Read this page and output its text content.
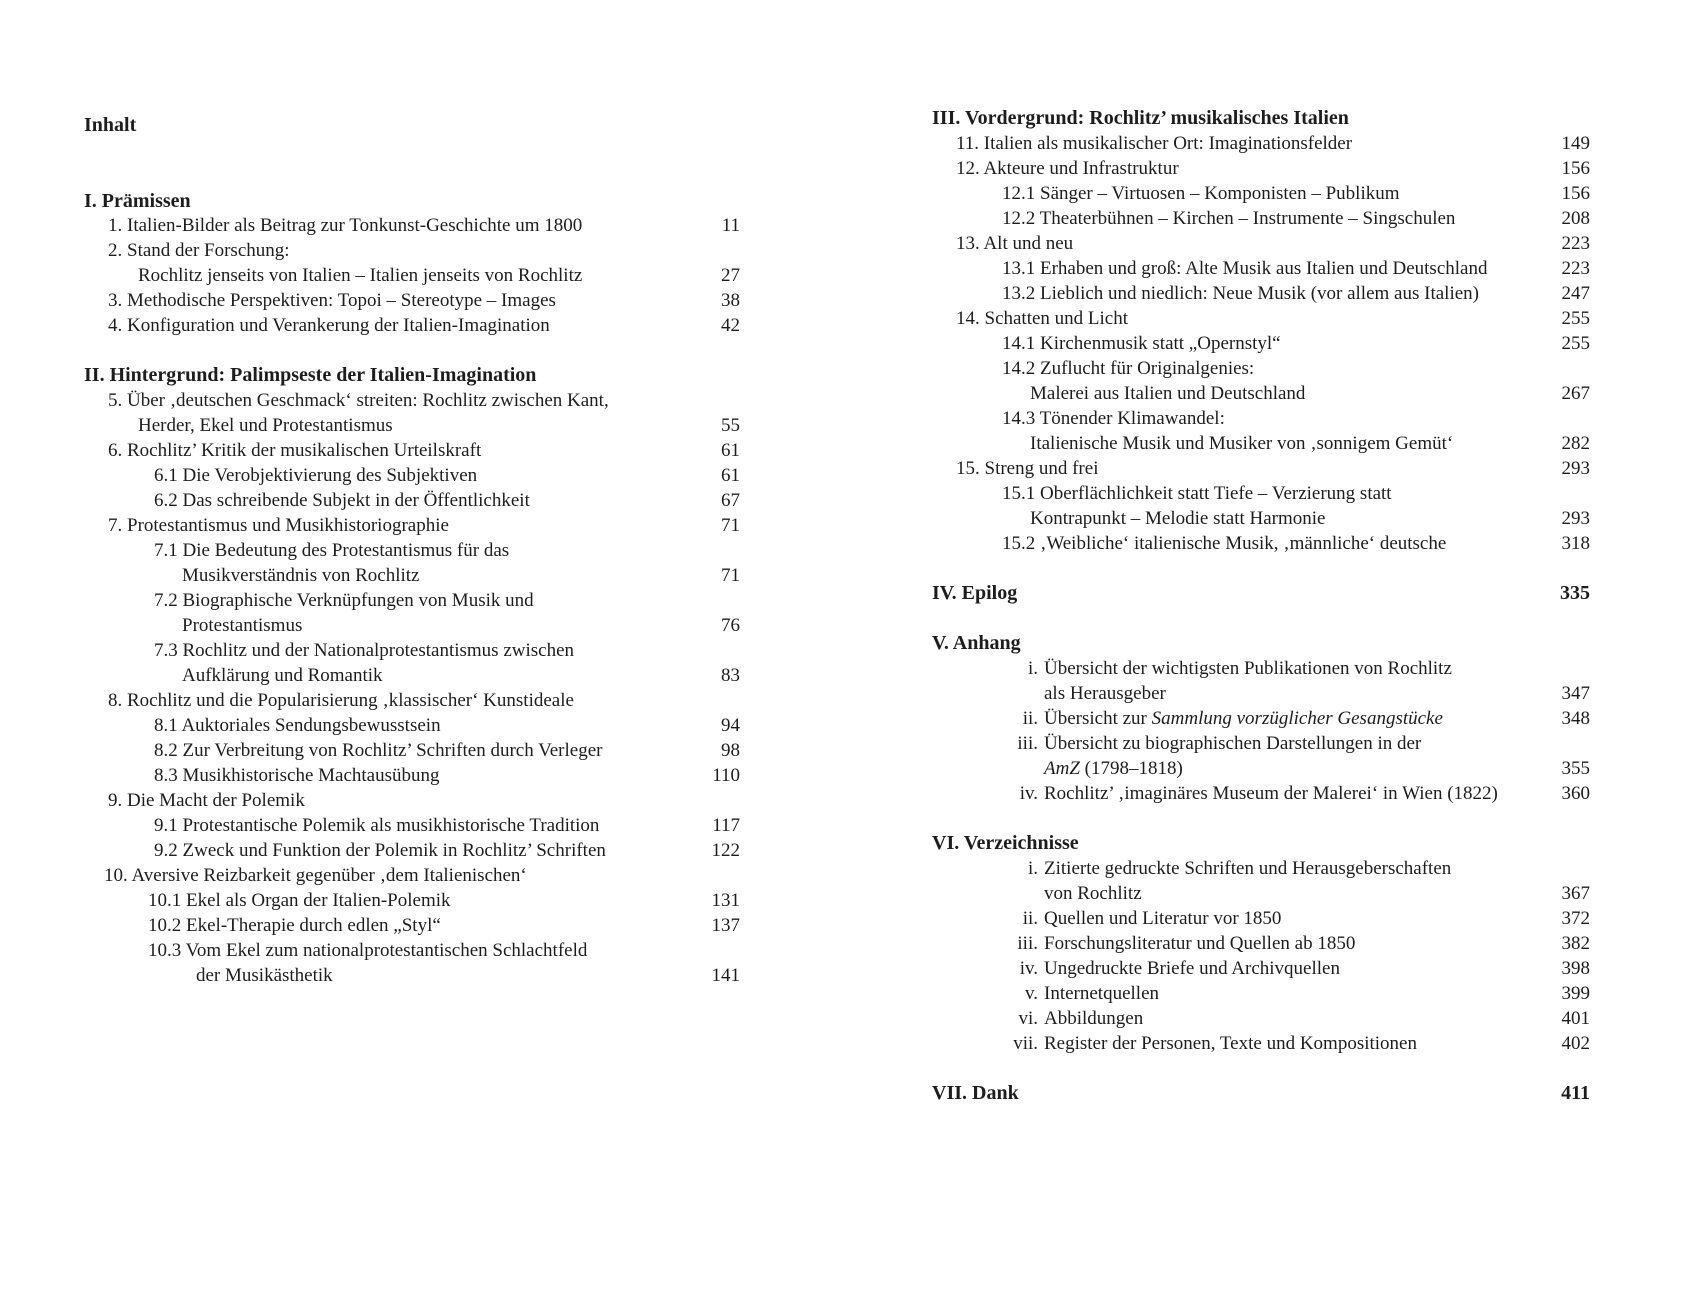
Inhalt
I. Prämissen
1. Italien-Bilder als Beitrag zur Tonkunst-Geschichte um 1800	11
2. Stand der Forschung:
Rochlitz jenseits von Italien – Italien jenseits von Rochlitz	27
3. Methodische Perspektiven: Topoi – Stereotype – Images	38
4. Konfiguration und Verankerung der Italien-Imagination	42
II. Hintergrund: Palimpseste der Italien-Imagination
5. Über ‚deutschen Geschmack‘ streiten: Rochlitz zwischen Kant,
Herder, Ekel und Protestantismus	55
6. Rochlitz’ Kritik der musikalischen Urteilskraft	61
6.1 Die Verobjektivierung des Subjektiven	61
6.2 Das schreibende Subjekt in der Öffentlichkeit	67
7. Protestantismus und Musikhistoriographie	71
7.1 Die Bedeutung des Protestantismus für das
Musikverständnis von Rochlitz	71
7.2 Biographische Verknüpfungen von Musik und
Protestantismus	76
7.3 Rochlitz und der Nationalprotestantismus zwischen
Aufklärung und Romantik	83
8. Rochlitz und die Popularisierung ‚klassischer‘ Kunstideale
8.1 Auktoriales Sendungsbewusstsein	94
8.2 Zur Verbreitung von Rochlitz’ Schriften durch Verleger	98
8.3 Musikhistorische Machtausübung	110
9. Die Macht der Polemik
9.1 Protestantische Polemik als musikhistorische Tradition	117
9.2 Zweck und Funktion der Polemik in Rochlitz’ Schriften	122
10. Aversive Reizbarkeit gegenüber ‚dem Italienischen‘
10.1 Ekel als Organ der Italien-Polemik	131
10.2 Ekel-Therapie durch edlen „Styl“	137
10.3 Vom Ekel zum nationalprotestantischen Schlachtfeld
der Musikästhetik	141
III. Vordergrund: Rochlitz’ musikalisches Italien
11. Italien als musikalischer Ort: Imaginationsfelder	149
12. Akteure und Infrastruktur	156
12.1 Sänger – Virtuosen – Komponisten – Publikum	156
12.2 Theaterbühnen – Kirchen – Instrumente – Singschulen	208
13. Alt und neu	223
13.1 Erhaben und groß: Alte Musik aus Italien und Deutschland	223
13.2 Lieblich und niedlich: Neue Musik (vor allem aus Italien)	247
14. Schatten und Licht	255
14.1 Kirchenmusik statt „Opernstyl“	255
14.2 Zuflucht für Originalgenies:
Malerei aus Italien und Deutschland	267
14.3 Tönender Klimawandel:
Italienische Musik und Musiker von ‚sonnigem Gemüt‘	282
15. Streng und frei	293
15.1 Oberflächlichkeit statt Tiefe – Verzierung statt
Kontrapunkt – Melodie statt Harmonie	293
15.2 ‚Weibliche‘ italienische Musik, ‚männliche‘ deutsche	318
IV. Epilog	335
V. Anhang
i. Übersicht der wichtigsten Publikationen von Rochlitz
als Herausgeber	347
ii. Übersicht zur Sammlung vorzüglicher Gesangstücke	348
iii. Übersicht zu biographischen Darstellungen in der
AmZ (1798–1818)	355
iv. Rochlitz’ ‚imaginäres Museum der Malerei‘ in Wien (1822)	360
VI. Verzeichnisse
i. Zitierte gedruckte Schriften und Herausgeberschaften
von Rochlitz	367
ii. Quellen und Literatur vor 1850	372
iii. Forschungsliteratur und Quellen ab 1850	382
iv. Ungedruckte Briefe und Archivquellen	398
v. Internetquellen	399
vi. Abbildungen	401
vii. Register der Personen, Texte und Kompositionen	402
VII. Dank	411
